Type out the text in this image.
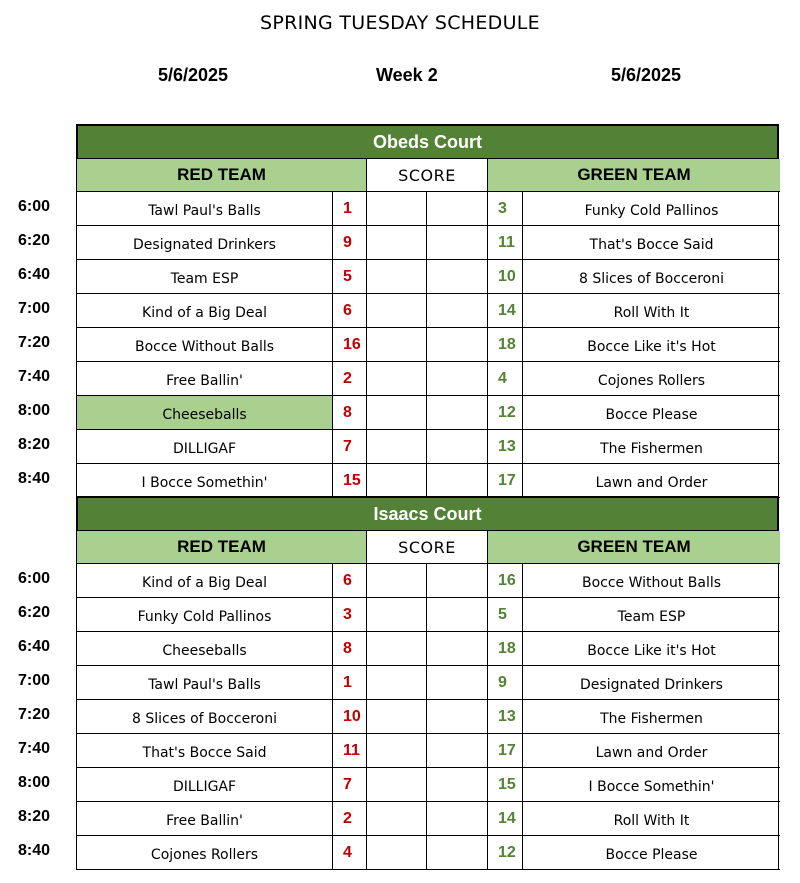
SPRING TUESDAY SCHEDULE
5/6/2025	Week 2	5/6/2025
Obeds Court
RED TEAM	SCORE	GREEN TEAM
6:00	Tawl Paul's Balls	1	3	Funky Cold Pallinos
6:20	Designated Drinkers	9	11	That's Bocce Said
6:40	Team ESP	5	10	8 Slices of Bocceroni
7:00	Kind of a Big Deal	6	14	Roll With It
7:20	Bocce Without Balls	16	18	Bocce Like it's Hot
7:40	Free Ballin'	2	4	Cojones Rollers
8:00	Cheeseballs	8	12	Bocce Please
8:20	DILLIGAF	7	13	The Fishermen
8:40	I Bocce Somethin'	15	17	Lawn and Order
Isaacs Court
RED TEAM	SCORE	GREEN TEAM
6:00	Kind of a Big Deal	6	16	Bocce Without Balls
6:20	Funky Cold Pallinos	3	5	Team ESP
6:40	Cheeseballs	8	18	Bocce Like it's Hot
7:00	Tawl Paul's Balls	1	9	Designated Drinkers
7:20	8 Slices of Bocceroni	10	13	The Fishermen
7:40	That's Bocce Said	11	17	Lawn and Order
8:00	DILLIGAF	7	15	I Bocce Somethin'
8:20	Free Ballin'	2	14	Roll With It
8:40	Cojones Rollers	4	12	Bocce Please
